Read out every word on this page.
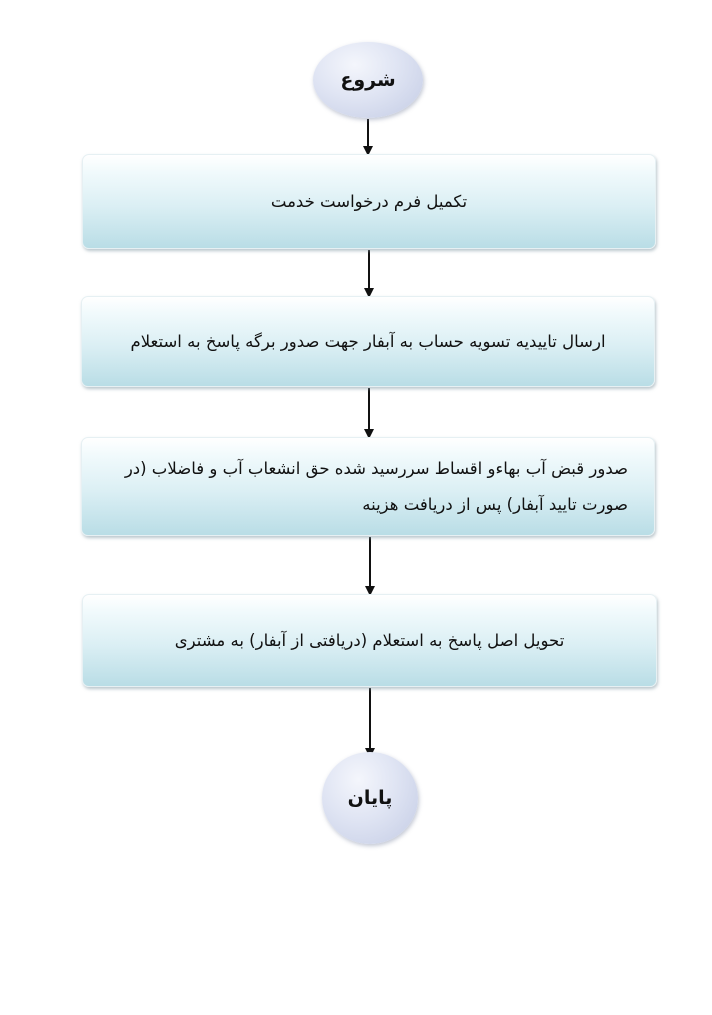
شروع
تکمیل فرم درخواست خدمت
ارسال تاییدیه تسویه حساب به آبفار جهت صدور برگه پاسخ به استعلام
صدور قبض آب بهاءو اقساط سررسید شده حق انشعاب آب و فاضلاب (در صورت تایید آبفار) پس از دریافت هزینه
تحویل اصل پاسخ به استعلام (دریافتی از آبفار) به مشتری
پایان
